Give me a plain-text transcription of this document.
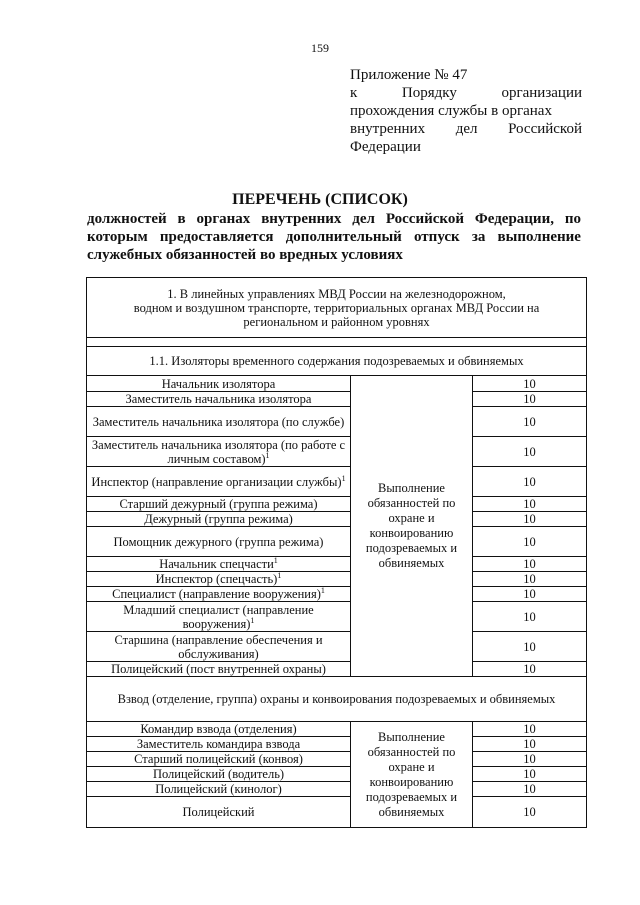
159
Приложение № 47
к	Порядку	организации
прохождения службы в органах
внутренних дел Российской
Федерации
ПЕРЕЧЕНЬ (СПИСОК)
должностей в органах внутренних дел Российской Федерации, по
которым предоставляется дополнительный отпуск за выполнение
служебных обязанностей во вредных условиях
1. В линейных управлениях МВД России на железнодорожном,
водном и воздушном транспорте, территориальных органах МВД России на
региональном и районном уровнях		

1.1. Изоляторы временного содержания подозреваемых и обвиняемых		
Начальник изолятора	Выполнение обязанностей по охране и конвоированию подозреваемых и обвиняемых	10
Заместитель начальника изолятора		10
Заместитель начальника изолятора (по службе)		10
Заместитель начальника изолятора (по работе с личным составом)$^1$		10
Инспектор (направление организации службы)$^1$		10
Старший дежурный (группа режима)		10
Дежурный (группа режима)		10
Помощник дежурного (группа режима)		10
Начальник спецчасти$^1$		10
Инспектор (спецчасть)$^1$		10
Специалист (направление вооружения)$^1$		10
Младший специалист (направление вооружения)$^1$		10
Старшина (направление обеспечения и обслуживания)		10
Полицейский (пост внутренней охраны)		10
Взвод (отделение, группа) охраны и конвоирования подозреваемых и обвиняемых		
Командир взвода (отделения)	Выполнение обязанностей по охране и конвоированию подозреваемых и обвиняемых	10
Заместитель командира взвода		10
Старший полицейский (конвоя)		10
Полицейский (водитель)		10
Полицейский (кинолог)		10
Полицейский		10
